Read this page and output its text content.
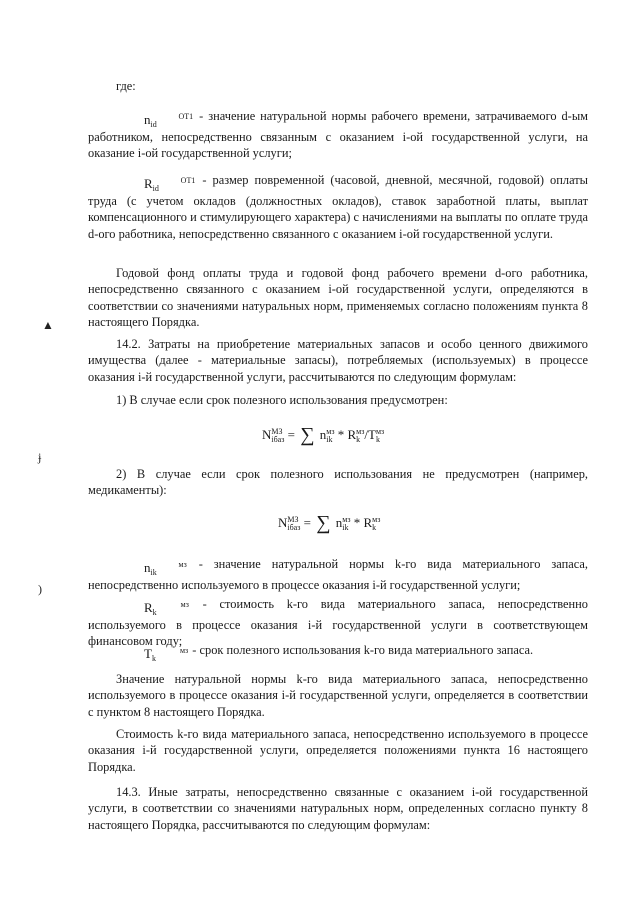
▲
ɉ
)

где:

n	ОТ1
id - значение натуральной нормы рабочего времени, затрачиваемого d-ым работником, непосредственно связанным с оказанием i-ой государственной услуги, на оказание i-ой государственной услуги;

R	ОТ1
id - размер повременной (часовой, дневной, месячной, годовой) оплаты труда (с учетом окладов (должностных окладов), ставок заработной платы, выплат компенсационного и стимулирующего характера) с начислениями на выплаты по оплате труда d-ого работника, непосредственно связанного с оказанием i-ой государственной услуги.

Годовой фонд оплаты труда и годовой фонд рабочего времени d-ого работника, непосредственно связанного с оказанием i-ой государственной услуги, определяются в соответствии со значениями натуральных норм, применяемых согласно положениям пункта 8 настоящего Порядка.

14.2. Затраты на приобретение материальных запасов и особо ценного движимого имущества (далее - материальные запасы), потребляемых (используемых) в процессе оказания i-й государственной услуги, рассчитываются по следующим формулам:

1) В случае если срок полезного использования предусмотрен:

NМЗ
iбаз = ∑ nмз
ik * Rмз
k /Tмз
k

2) В случае если срок полезного использования не предусмотрен (например, медикаменты):

NМЗ
iбаз = ∑ nмз
ik * Rмз
k

n	мз
ik - значение натуральной нормы k-го вида материального запаса, непосредственно используемого в процессе оказания i-й государственной услуги;

R	мз
k - стоимость k-го вида материального запаса, непосредственно используемого в процессе оказания i-й государственной услуги в соответствующем финансовом году;

T	мз
k - срок полезного использования k-го вида материального запаса.

Значение натуральной нормы k-го вида материального запаса, непосредственно используемого в процессе оказания i-й государственной услуги, определяется в соответствии с пунктом 8 настоящего Порядка.

Стоимость k-го вида материального запаса, непосредственно используемого в процессе оказания i-й государственной услуги, определяется положениями пункта 16 настоящего Порядка.

14.3. Иные затраты, непосредственно связанные с оказанием i-ой государственной услуги, в соответствии со значениями натуральных норм, определенных согласно пункту 8 настоящего Порядка, рассчитываются по следующим формулам:
